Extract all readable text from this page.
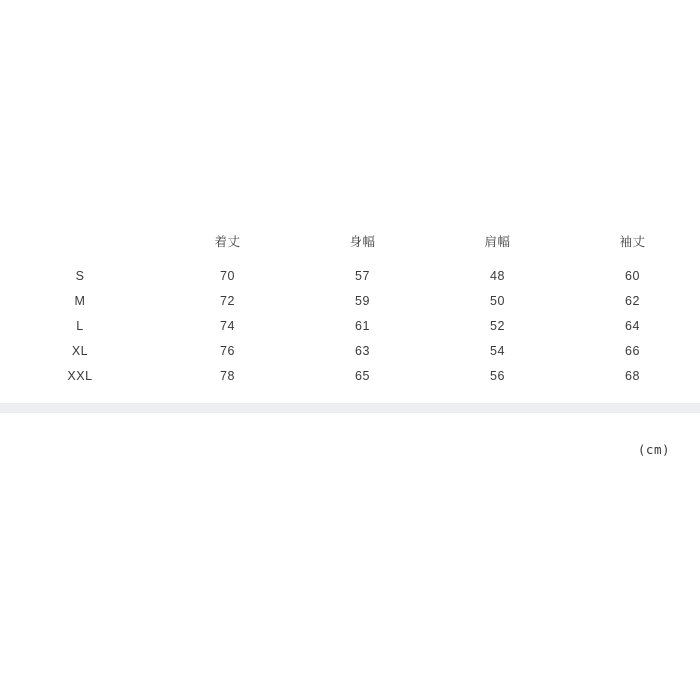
	着丈	身幅	肩幅	袖丈
S	70	57	48	60
M	72	59	50	62
L	74	61	52	64
XL	76	63	54	66
XXL	78	65	56	68
(cm)
